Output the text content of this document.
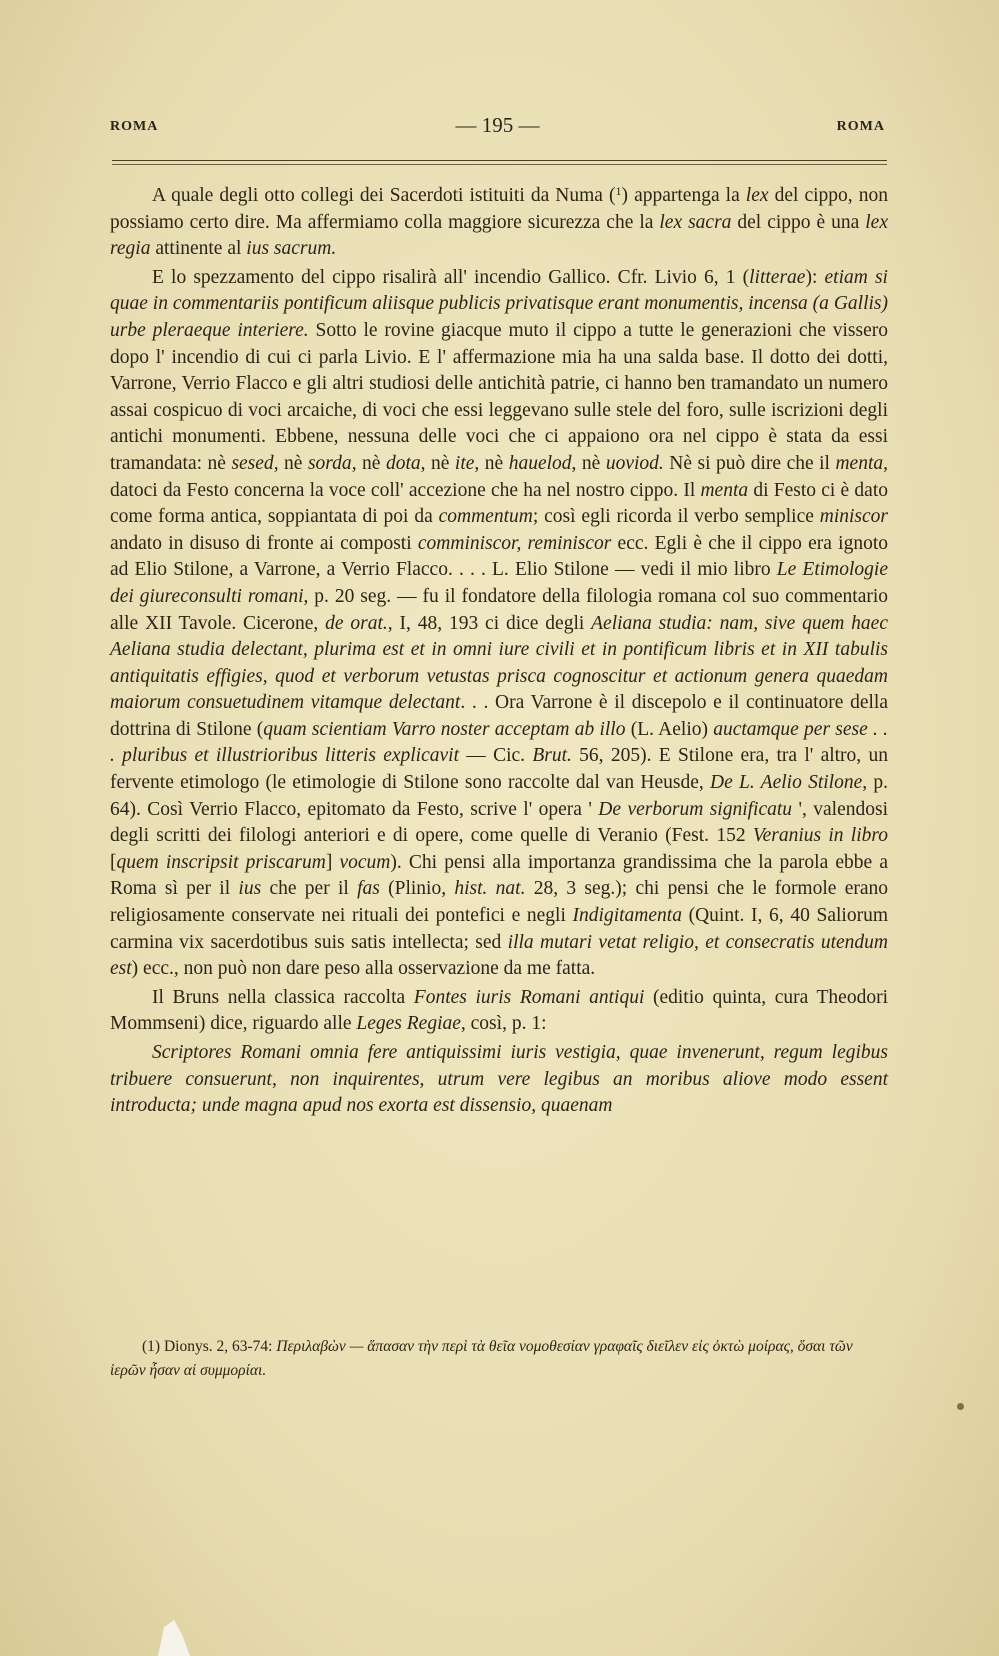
ROMA	— 195 —	ROMA

A quale degli otto collegi dei Sacerdoti istituiti da Numa ($^1$) appartenga la lex del cippo, non possiamo certo dire. Ma affermiamo colla maggiore sicurezza che la lex sacra del cippo è una lex regia attinente al ius sacrum.

E lo spezzamento del cippo risalirà all' incendio Gallico. Cfr. Livio 6, 1 (litterae): etiam si quae in commentariis pontificum aliisque publicis privatisque erant monumentis, incensa (a Gallis) urbe pleraeque interiere. Sotto le rovine giacque muto il cippo a tutte le generazioni che vissero dopo l' incendio di cui ci parla Livio. E l' affermazione mia ha una salda base. Il dotto dei dotti, Varrone, Verrio Flacco e gli altri studiosi delle antichità patrie, ci hanno ben tramandato un numero assai cospicuo di voci arcaiche, di voci che essi leggevano sulle stele del foro, sulle iscrizioni degli antichi monumenti. Ebbene, nessuna delle voci che ci appaiono ora nel cippo è stata da essi tramandata: nè sesed, nè sorda, nè dota, nè ite, nè hauelod, nè uoviod. Nè si può dire che il menta, datoci da Festo concerna la voce coll' accezione che ha nel nostro cippo. Il menta di Festo ci è dato come forma antica, soppiantata di poi da commentum; così egli ricorda il verbo semplice miniscor andato in disuso di fronte ai composti comminiscor, reminiscor ecc. Egli è che il cippo era ignoto ad Elio Stilone, a Varrone, a Verrio Flacco. . . . L. Elio Stilone — vedi il mio libro Le Etimologie dei giureconsulti romani, p. 20 seg. — fu il fondatore della filologia romana col suo commentario alle XII Tavole. Cicerone, de orat., I, 48, 193 ci dice degli Aeliana studia: nam, sive quem haec Aeliana studia delectant, plurima est et in omni iure civili et in pontificum libris et in XII tabulis antiquitatis effigies, quod et verborum vetustas prisca cognoscitur et actionum genera quaedam maiorum consuetudinem vitamque delectant. . . Ora Varrone è il discepolo e il continuatore della dottrina di Stilone (quam scientiam Varro noster acceptam ab illo (L. Aelio) auctamque per sese . . . pluribus et illustrioribus litteris explicavit — Cic. Brut. 56, 205). E Stilone era, tra l' altro, un fervente etimologo (le etimologie di Stilone sono raccolte dal van Heusde, De L. Aelio Stilone, p. 64). Così Verrio Flacco, epitomato da Festo, scrive l' opera ' De verborum significatu ', valendosi degli scritti dei filologi anteriori e di opere, come quelle di Veranio (Fest. 152 Veranius in libro [quem inscripsit priscarum] vocum). Chi pensi alla importanza grandissima che la parola ebbe a Roma sì per il ius che per il fas (Plinio, hist. nat. 28, 3 seg.); chi pensi che le formole erano religiosamente conservate nei rituali dei pontefici e negli Indigitamenta (Quint. I, 6, 40 Saliorum carmina vix sacerdotibus suis satis intellecta; sed illa mutari vetat religio, et consecratis utendum est) ecc., non può non dare peso alla osservazione da me fatta.

Il Bruns nella classica raccolta Fontes iuris Romani antiqui (editio quinta, cura Theodori Mommseni) dice, riguardo alle Leges Regiae, così, p. 1:

Scriptores Romani omnia fere antiquissimi iuris vestigia, quae invenerunt, regum legibus tribuere consuerunt, non inquirentes, utrum vere legibus an moribus aliove modo essent introducta; unde magna apud nos exorta est dissensio, quaenam

(1) Dionys. 2, 63-74: Περιλαβὼν — ἅπασαν τὴν περὶ τὰ θεῖα νομοθεσίαν γραφαῖς διεῖλεν εἰς ὀκτὼ μοίρας, ὅσαι τῶν ἱερῶν ἦσαν αἱ συμμορίαι.
